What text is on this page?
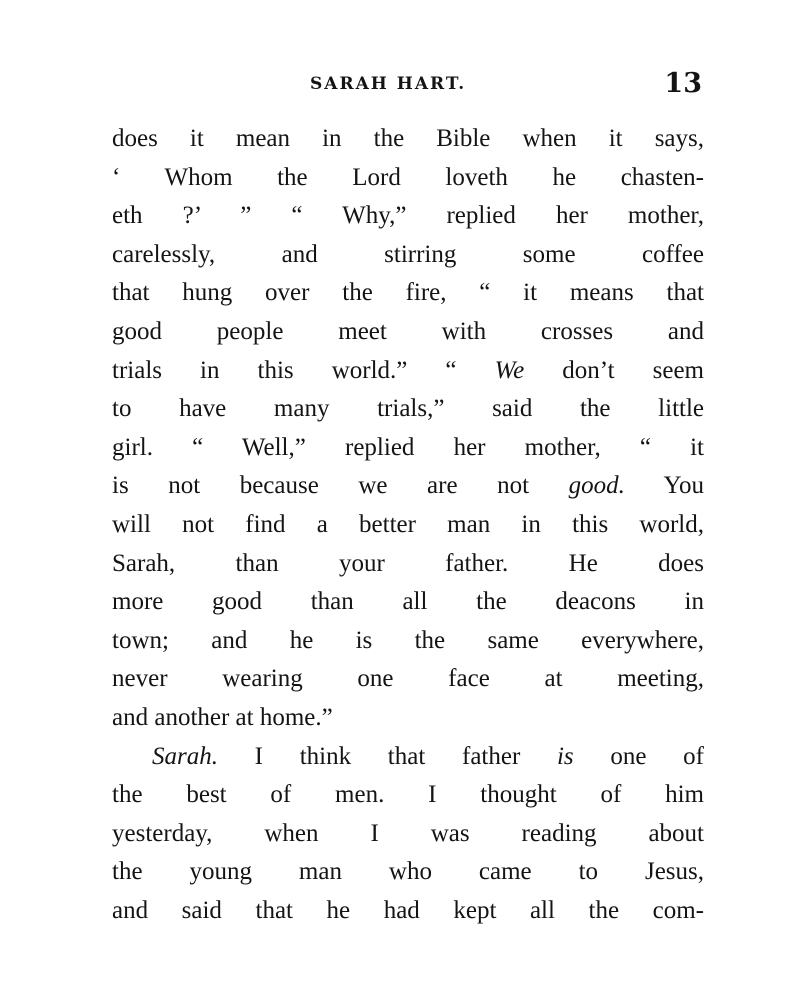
SARAH HART.	13
does it mean in the Bible when it says,
‘ Whom the Lord loveth he chasten-
eth ?’ ” “ Why,” replied her mother,
carelessly, and stirring some coffee
that hung over the fire, “ it means that
good people meet with crosses and
trials in this world.” “ We don’t seem
to have many trials,” said the little
girl. “ Well,” replied her mother, “ it
is not because we are not good. You
will not find a better man in this world,
Sarah, than your father. He does
more good than all the deacons in
town; and he is the same everywhere,
never wearing one face at meeting,
and another at home.”
Sarah. I think that father is one of
the best of men. I thought of him
yesterday, when I was reading about
the young man who came to Jesus,
and said that he had kept all the com-
